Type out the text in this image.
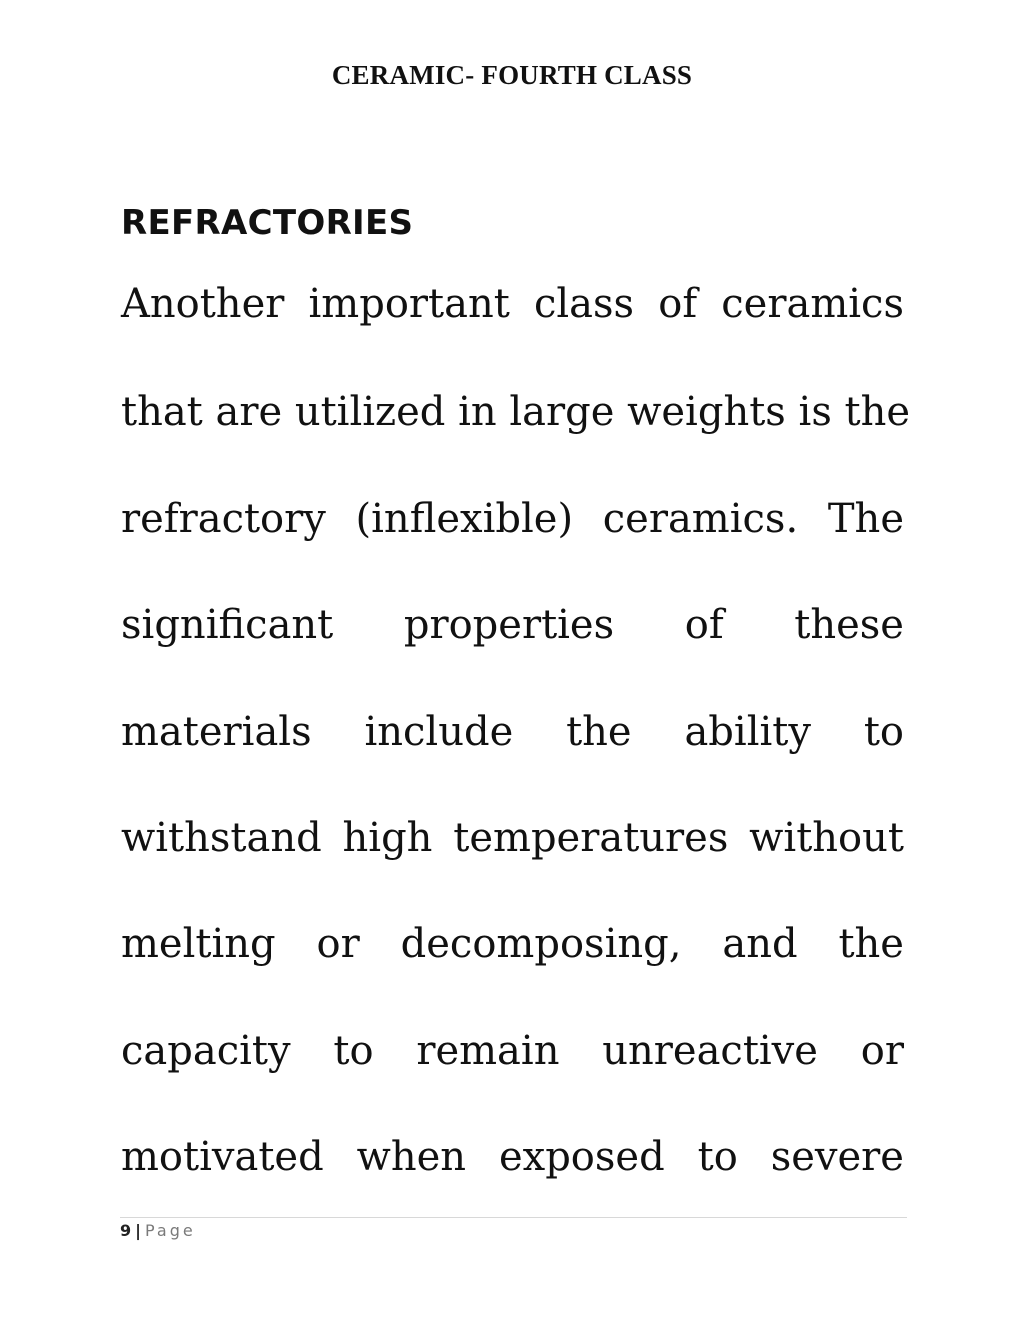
CERAMIC- FOURTH CLASS
REFRACTORIES
Another important class of ceramics
that are utilized in large weights is the
refractory (inflexible) ceramics. The
significant properties of these
materials include the ability to
withstand high temperatures without
melting or decomposing, and the
capacity to remain unreactive or
motivated when exposed to severe
9 | Page
